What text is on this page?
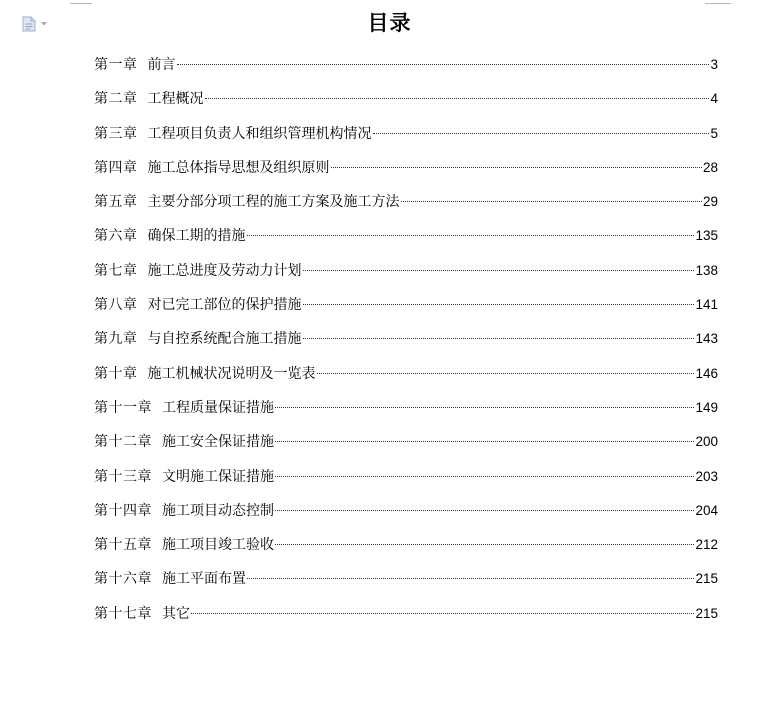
目录
第一章 前言	3
第二章 工程概况	4
第三章 工程项目负责人和组织管理机构情况	5
第四章 施工总体指导思想及组织原则	28
第五章 主要分部分项工程的施工方案及施工方法	29
第六章 确保工期的措施	135
第七章 施工总进度及劳动力计划	138
第八章 对已完工部位的保护措施	141
第九章 与自控系统配合施工措施	143
第十章 施工机械状况说明及一览表	146
第十一章 工程质量保证措施	149
第十二章 施工安全保证措施	200
第十三章 文明施工保证措施	203
第十四章 施工项目动态控制	204
第十五章 施工项目竣工验收	212
第十六章 施工平面布置	215
第十七章 其它	215
